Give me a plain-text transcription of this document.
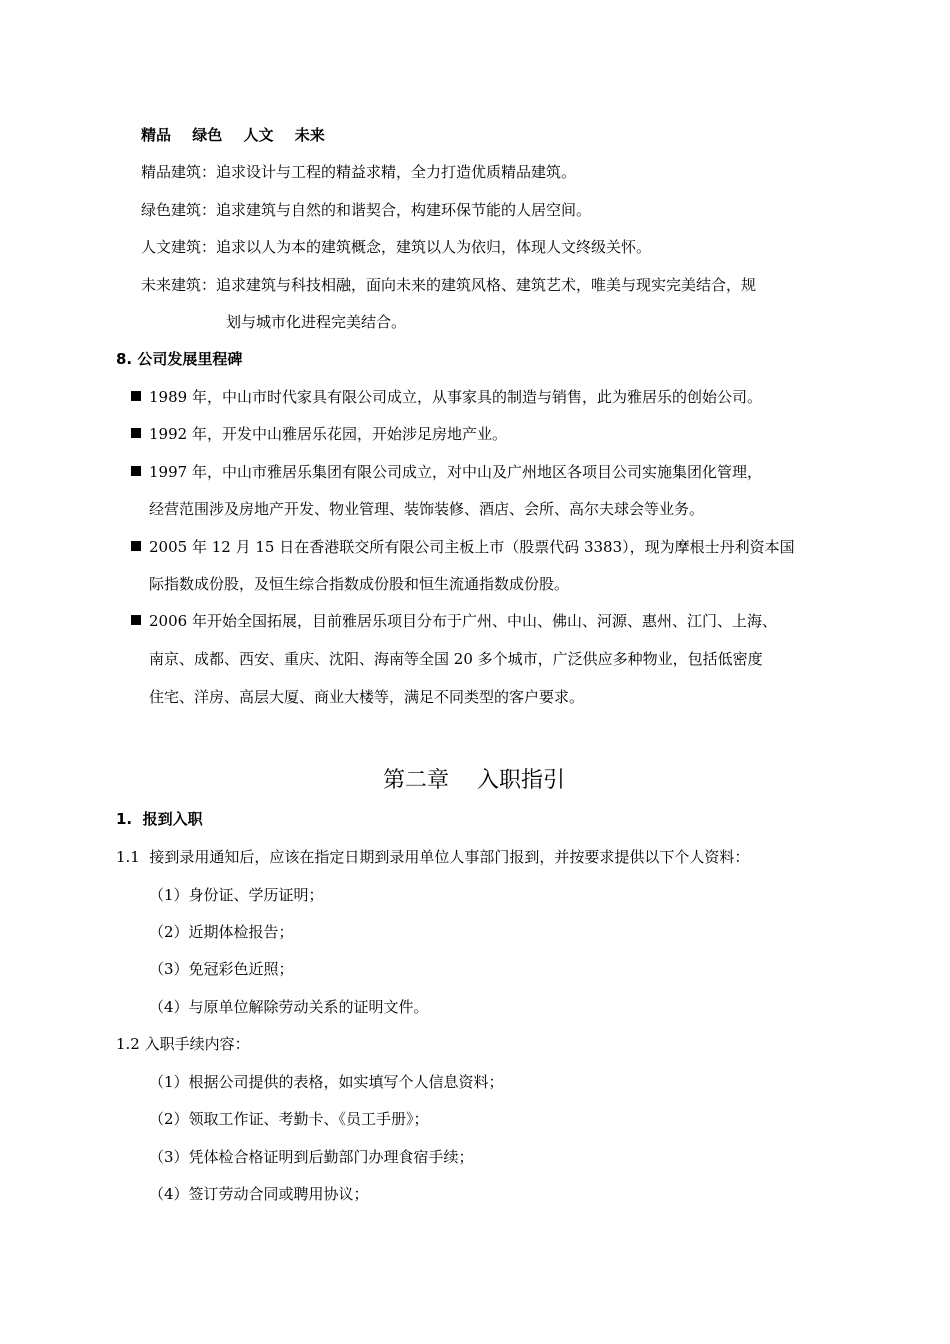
精品 绿色 人文 未来
精品建筑：追求设计与工程的精益求精，全力打造优质精品建筑。
绿色建筑：追求建筑与自然的和谐契合，构建环保节能的人居空间。
人文建筑：追求以人为本的建筑概念，建筑以人为依归，体现人文终级关怀。
未来建筑：追求建筑与科技相融，面向未来的建筑风格、建筑艺术，唯美与现实完美结合，规
划与城市化进程完美结合。
8. 公司发展里程碑
1989 年，中山市时代家具有限公司成立，从事家具的制造与销售，此为雅居乐的创始公司。
1992 年，开发中山雅居乐花园，开始涉足房地产业。
1997 年，中山市雅居乐集团有限公司成立，对中山及广州地区各项目公司实施集团化管理，
经营范围涉及房地产开发、物业管理、装饰装修、酒店、会所、高尔夫球会等业务。
2005 年 12 月 15 日在香港联交所有限公司主板上市（股票代码 3383），现为摩根士丹利资本国
际指数成份股，及恒生综合指数成份股和恒生流通指数成份股。
2006 年开始全国拓展，目前雅居乐项目分布于广州、中山、佛山、河源、惠州、江门、上海、
南京、成都、西安、重庆、沈阳、海南等全国 20 多个城市，广泛供应多种物业，包括低密度
住宅、洋房、高层大厦、商业大楼等，满足不同类型的客户要求。
第二章    入职指引
1.  报到入职
1.1  接到录用通知后，应该在指定日期到录用单位人事部门报到，并按要求提供以下个人资料：
（1）身份证、学历证明；
（2）近期体检报告；
（3）免冠彩色近照；
（4）与原单位解除劳动关系的证明文件。
1.2 入职手续内容：
（1）根据公司提供的表格，如实填写个人信息资料；
（2）领取工作证、考勤卡、《员工手册》；
（3）凭体检合格证明到后勤部门办理食宿手续；
（4）签订劳动合同或聘用协议；
